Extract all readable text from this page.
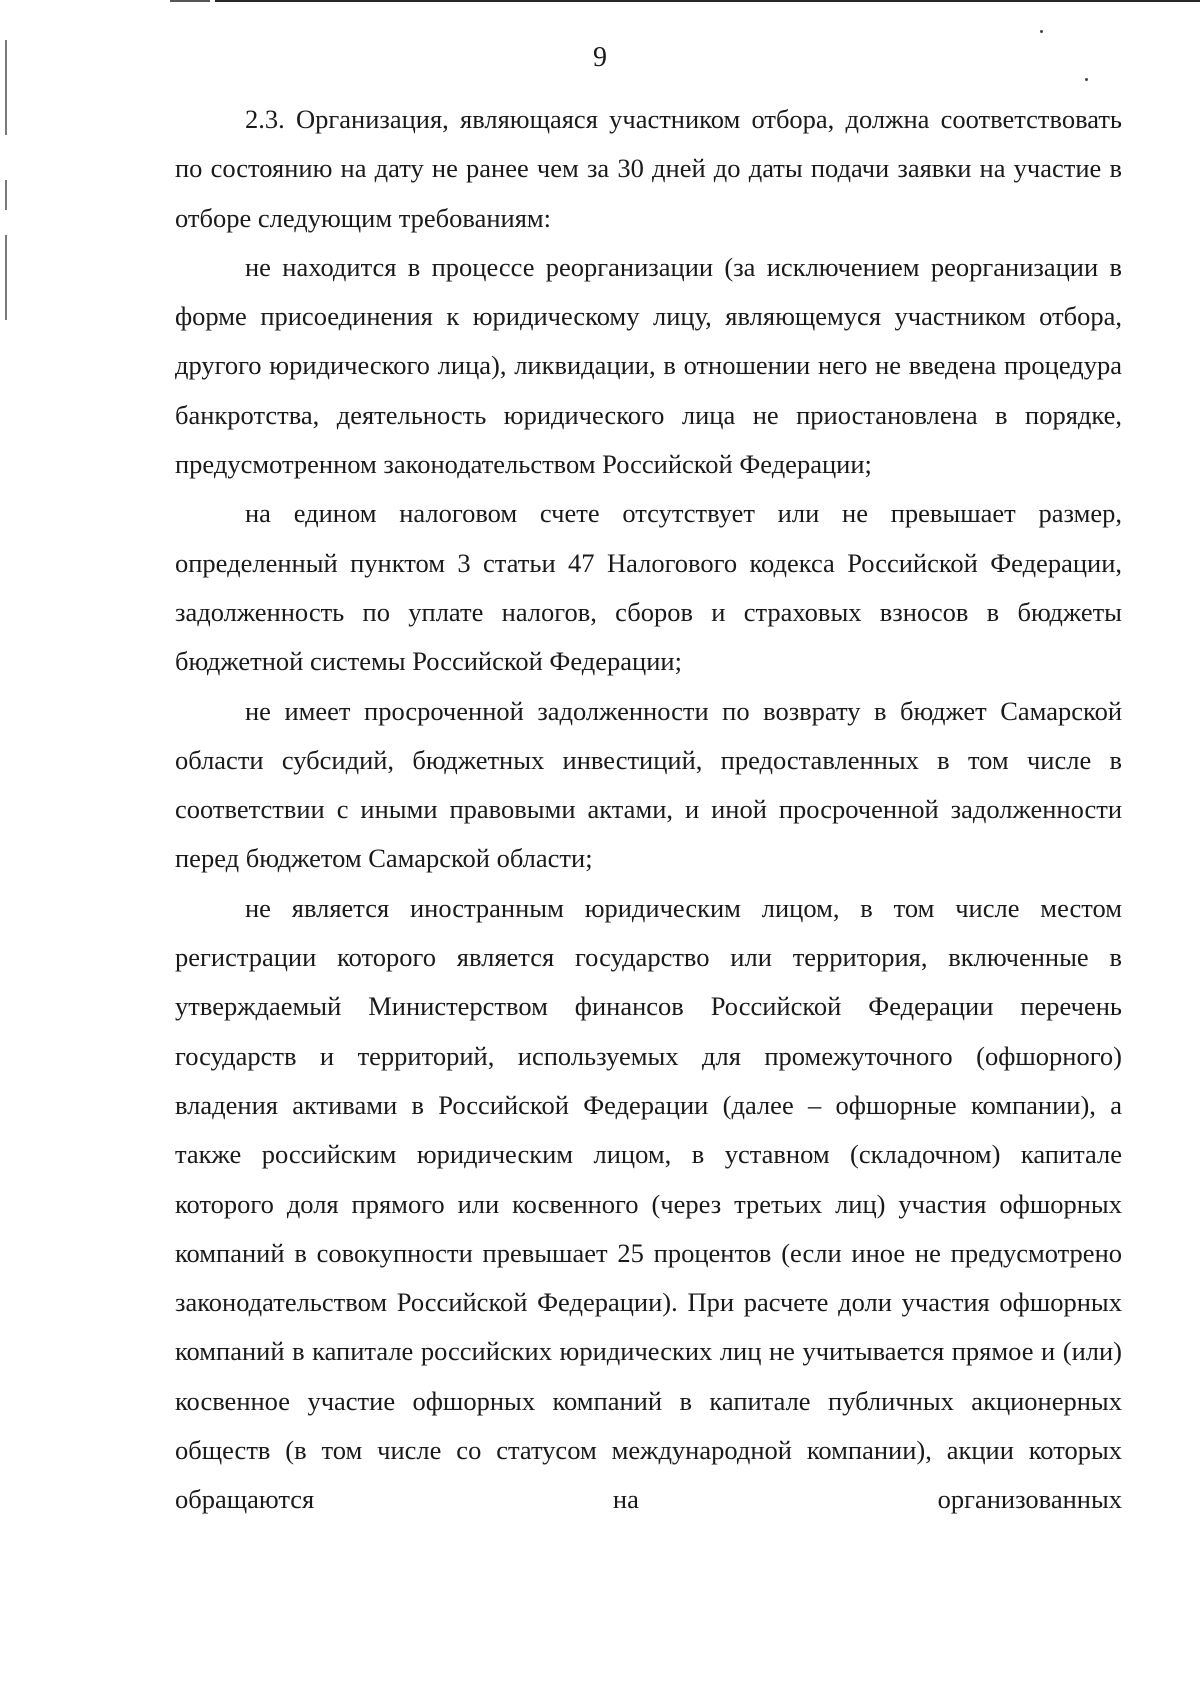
9

2.3. Организация, являющаяся участником отбора, должна соответствовать по состоянию на дату не ранее чем за 30 дней до даты подачи заявки на участие в отборе следующим требованиям:

не находится в процессе реорганизации (за исключением реорганизации в форме присоединения к юридическому лицу, являющемуся участником отбора, другого юридического лица), ликвидации, в отношении него не введена процедура банкротства, деятельность юридического лица не приостановлена в порядке, предусмотренном законодательством Российской Федерации;

на едином налоговом счете отсутствует или не превышает размер, определенный пунктом 3 статьи 47 Налогового кодекса Российской Федерации, задолженность по уплате налогов, сборов и страховых взносов в бюджеты бюджетной системы Российской Федерации;

не имеет просроченной задолженности по возврату в бюджет Самарской области субсидий, бюджетных инвестиций, предоставленных в том числе в соответствии с иными правовыми актами, и иной просроченной задолженности перед бюджетом Самарской области;

не является иностранным юридическим лицом, в том числе местом регистрации которого является государство или территория, включенные в утверждаемый Министерством финансов Российской Федерации перечень государств и территорий, используемых для промежуточного (офшорного) владения активами в Российской Федерации (далее – офшорные компании), а также российским юридическим лицом, в уставном (складочном) капитале которого доля прямого или косвенного (через третьих лиц) участия офшорных компаний в совокупности превышает 25 процентов (если иное не предусмотрено законодательством Российской Федерации). При расчете доли участия офшорных компаний в капитале российских юридических лиц не учитывается прямое и (или) косвенное участие офшорных компаний в капитале публичных акционерных обществ (в том числе со статусом международной компании), акции которых обращаются на организованных
